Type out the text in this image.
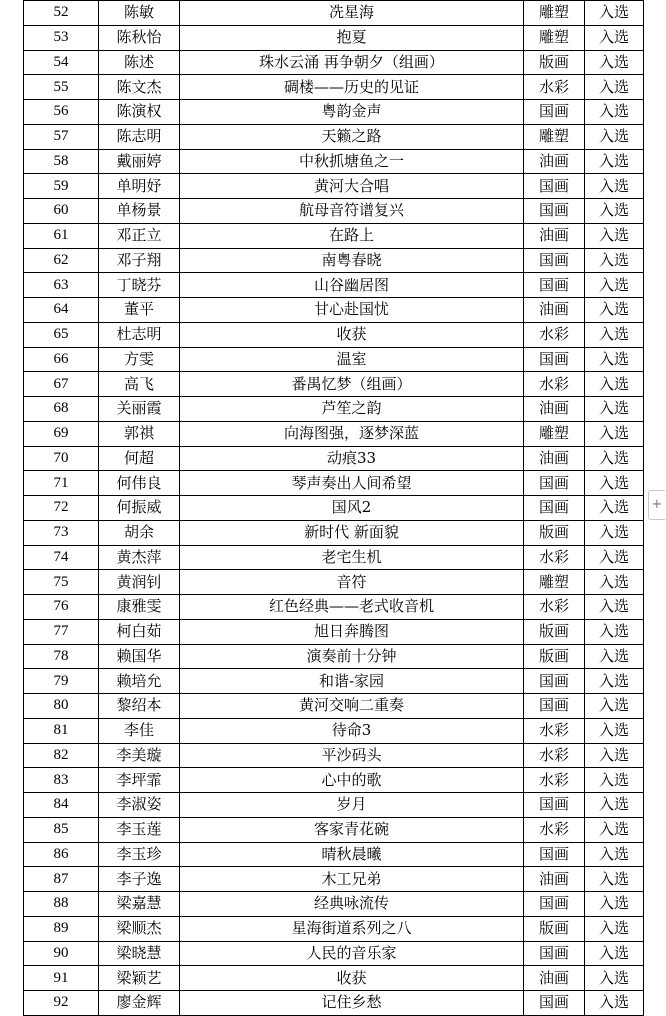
52	陈敏	冼星海	雕塑	入选
53	陈秋怡	抱夏	雕塑	入选
54	陈述	珠水云涌 再争朝夕（组画）	版画	入选
55	陈文杰	碉楼——历史的见证	水彩	入选
56	陈演权	粤韵金声	国画	入选
57	陈志明	天籁之路	雕塑	入选
58	戴丽婷	中秋抓塘鱼之一	油画	入选
59	单明妤	黄河大合唱	国画	入选
60	单杨景	航母音符谱复兴	国画	入选
61	邓正立	在路上	油画	入选
62	邓子翔	南粤春晓	国画	入选
63	丁晓芬	山谷幽居图	国画	入选
64	董平	甘心赴国忧	油画	入选
65	杜志明	收获	水彩	入选
66	方雯	温室	国画	入选
67	高飞	番禺忆梦（组画）	水彩	入选
68	关丽霞	芦笙之韵	油画	入选
69	郭祺	向海图强，逐梦深蓝	雕塑	入选
70	何超	动痕33	油画	入选
71	何伟良	琴声奏出人间希望	国画	入选
72	何振威	国风2	国画	入选
73	胡余	新时代 新面貌	版画	入选
74	黄杰萍	老宅生机	水彩	入选
75	黄润钊	音符	雕塑	入选
76	康雅雯	红色经典——老式收音机	水彩	入选
77	柯白茹	旭日奔腾图	版画	入选
78	赖国华	演奏前十分钟	版画	入选
79	赖培允	和谐-家园	国画	入选
80	黎绍本	黄河交响二重奏	国画	入选
81	李佳	待命3	水彩	入选
82	李美璇	平沙码头	水彩	入选
83	李坪霏	心中的歌	水彩	入选
84	李淑姿	岁月	国画	入选
85	李玉莲	客家青花碗	水彩	入选
86	李玉珍	晴秋晨曦	国画	入选
87	李子逸	木工兄弟	油画	入选
88	梁嘉慧	经典咏流传	国画	入选
89	梁顺杰	星海街道系列之八	版画	入选
90	梁晓慧	人民的音乐家	国画	入选
91	梁颖艺	收获	油画	入选
92	廖金辉	记住乡愁	国画	入选
+
